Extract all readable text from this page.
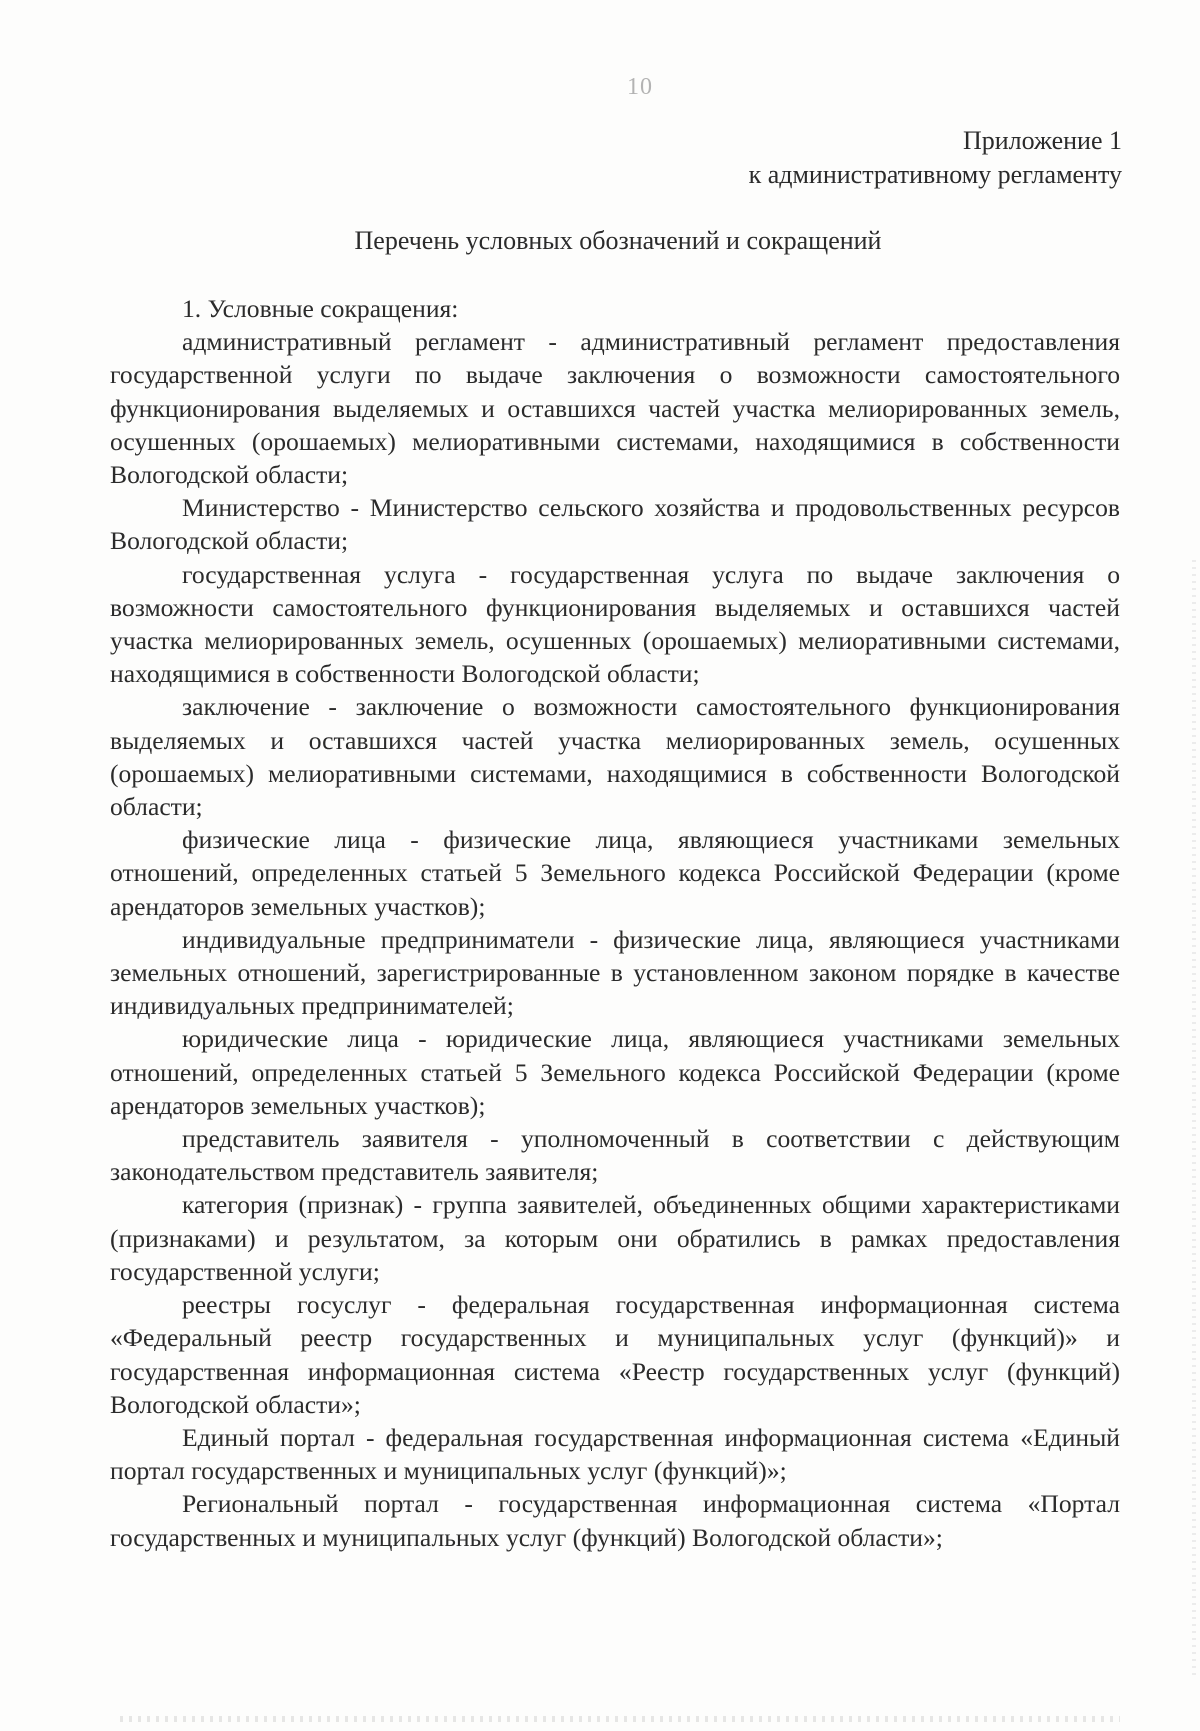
10
Приложение 1
к административному регламенту
Перечень условных обозначений и сокращений

1. Условные сокращения:

административный регламент - административный регламент предоставления государственной услуги по выдаче заключения о возможности самостоятельного функционирования выделяемых и оставшихся частей участка мелиорированных земель, осушенных (орошаемых) мелиоративными системами, находящимися в собственности Вологодской области;

Министерство - Министерство сельского хозяйства и продовольственных ресурсов Вологодской области;

государственная услуга - государственная услуга по выдаче заключения о возможности самостоятельного функционирования выделяемых и оставшихся частей участка мелиорированных земель, осушенных (орошаемых) мелиоративными системами, находящимися в собственности Вологодской области;

заключение - заключение о возможности самостоятельного функционирования выделяемых и оставшихся частей участка мелиорированных земель, осушенных (орошаемых) мелиоративными системами, находящимися в собственности Вологодской области;

физические лица - физические лица, являющиеся участниками земельных отношений, определенных статьей 5 Земельного кодекса Российской Федерации (кроме арендаторов земельных участков);

индивидуальные предприниматели - физические лица, являющиеся участниками земельных отношений, зарегистрированные в установленном законом порядке в качестве индивидуальных предпринимателей;

юридические лица - юридические лица, являющиеся участниками земельных отношений, определенных статьей 5 Земельного кодекса Российской Федерации (кроме арендаторов земельных участков);

представитель заявителя - уполномоченный в соответствии с действующим законодательством представитель заявителя;

категория (признак) - группа заявителей, объединенных общими характеристиками (признаками) и результатом, за которым они обратились в рамках предоставления государственной услуги;

реестры госуслуг - федеральная государственная информационная система «Федеральный реестр государственных и муниципальных услуг (функций)» и государственная информационная система «Реестр государственных услуг (функций) Вологодской области»;

Единый портал - федеральная государственная информационная система «Единый портал государственных и муниципальных услуг (функций)»;

Региональный портал - государственная информационная система «Портал государственных и муниципальных услуг (функций) Вологодской области»;
